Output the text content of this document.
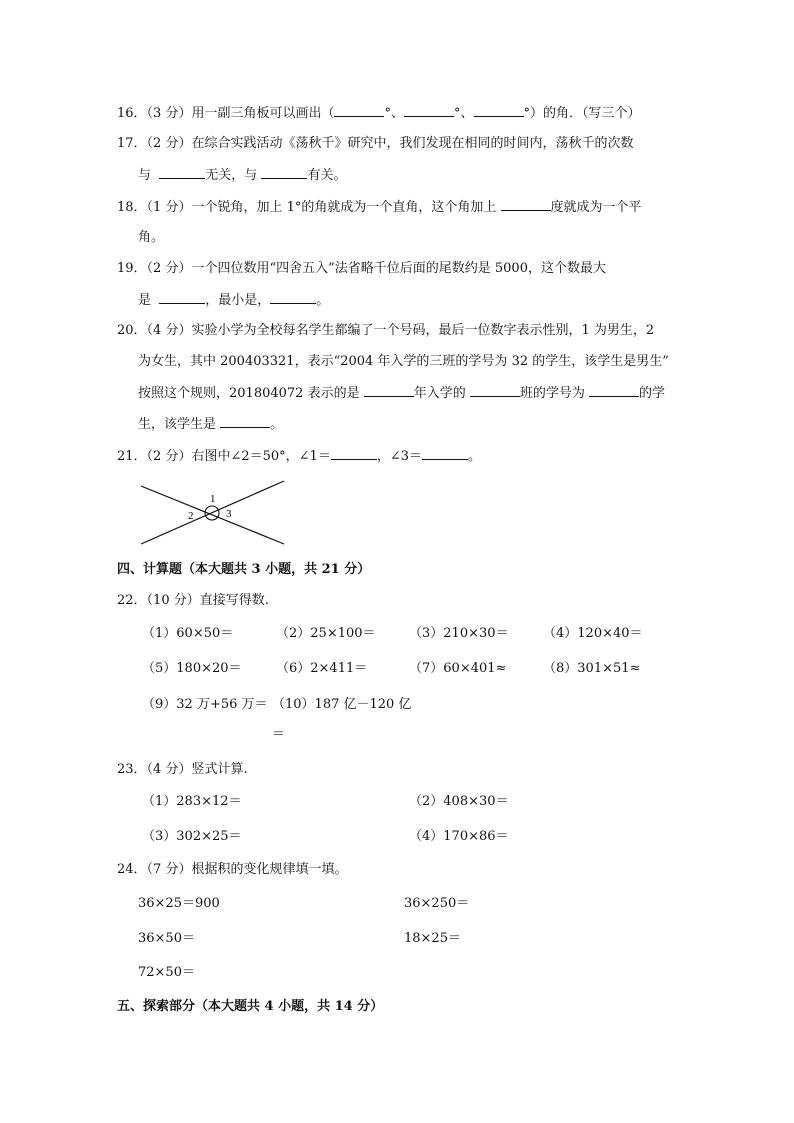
16．（3 分）用一副三角板可以画出（	°、	°、	°）的角．（写三个）
17．（2 分）在综合实践活动《荡秋千》研究中，我们发现在相同的时间内，荡秋千的次数
与	无关，与	有关。
18．（1 分）一个锐角，加上 1°的角就成为一个直角，这个角加上	度就成为一个平
角。
19．（2 分）一个四位数用“四舍五入”法省略千位后面的尾数约是 5000，这个数最大
是	，最小是，	。
20．（4 分）实验小学为全校每名学生都编了一个号码，最后一位数字表示性别，1 为男生，2
为女生，其中 200403321，表示“2004 年入学的三班的学号为 32 的学生，该学生是男生”
按照这个规则，201804072 表示的是	年入学的	班的学号为	的学
生，该学生是	。
21．（2 分）右图中∠2＝50°，∠1＝	，∠3＝	。
1
2	3
四、计算题（本大题共 3 小题，共 21 分）
22．（10 分）直接写得数.
（1）60×50＝	（2）25×100＝	（3）210×30＝	（4）120×40＝
（5）180×20＝	（6）2×411＝	（7）60×401≈	（8）301×51≈
（9）32 万+56 万＝ （10）187 亿－120 亿
＝
23．（4 分）竖式计算.
（1）283×12＝	（2）408×30＝
（3）302×25＝	（4）170×86＝
24．（7 分）根据积的变化规律填一填。
36×25＝900	36×250＝
36×50＝	18×25＝
72×50＝
五、探索部分（本大题共 4 小题，共 14 分）
